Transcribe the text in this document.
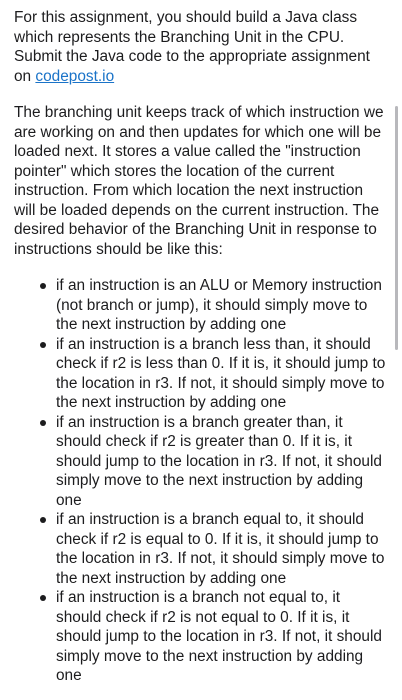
For this assignment, you should build a Java class which represents the Branching Unit in the CPU. Submit the Java code to the appropriate assignment on codepost.io

The branching unit keeps track of which instruction we are working on and then updates for which one will be loaded next. It stores a value called the "instruction pointer" which stores the location of the current instruction. From which location the next instruction will be loaded depends on the current instruction. The desired behavior of the Branching Unit in response to instructions should be like this:

if an instruction is an ALU or Memory instruction (not branch or jump), it should simply move to the next instruction by adding one
if an instruction is a branch less than, it should check if r2 is less than 0. If it is, it should jump to the location in r3. If not, it should simply move to the next instruction by adding one
if an instruction is a branch greater than, it should check if r2 is greater than 0. If it is, it should jump to the location in r3. If not, it should simply move to the next instruction by adding one
if an instruction is a branch equal to, it should check if r2 is equal to 0. If it is, it should jump to the location in r3. If not, it should simply move to the next instruction by adding one
if an instruction is a branch not equal to, it should check if r2 is not equal to 0. If it is, it should jump to the location in r3. If not, it should simply move to the next instruction by adding one
